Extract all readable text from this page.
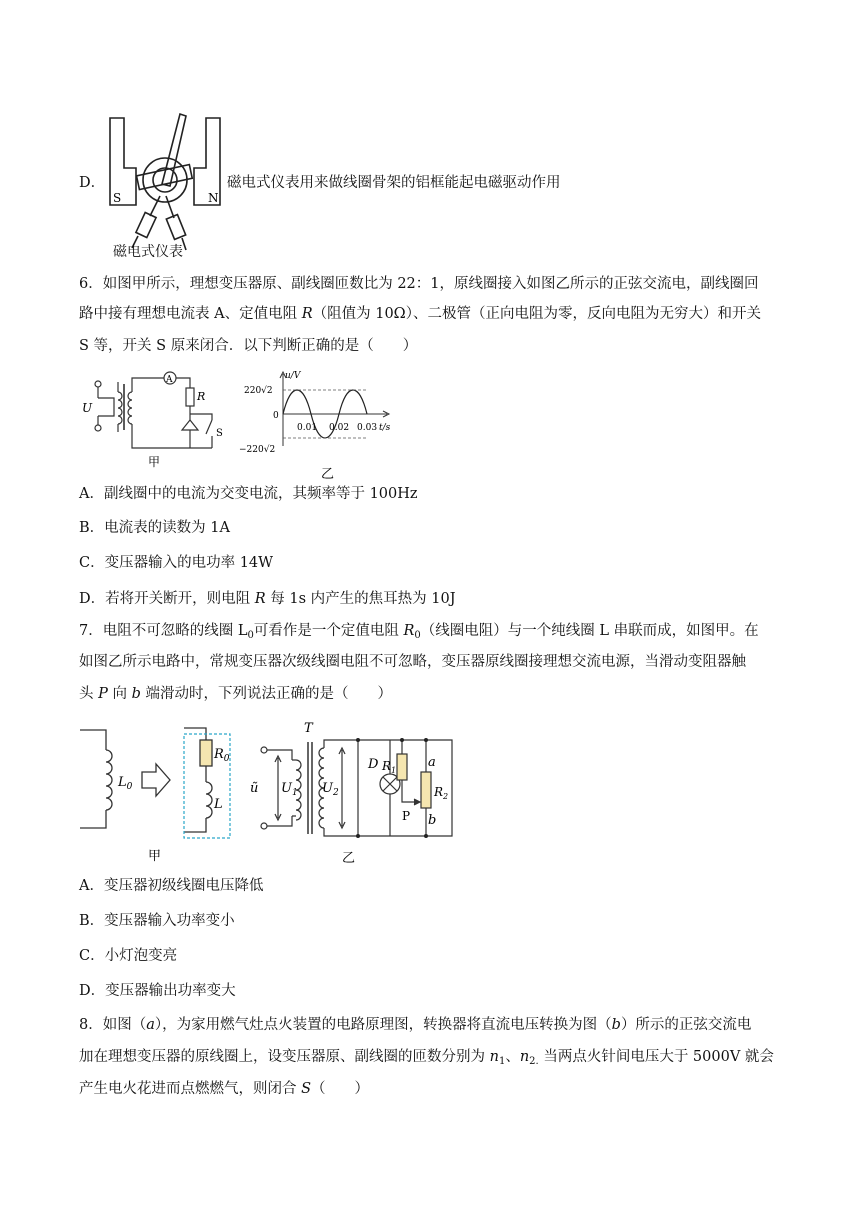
D．
S	N
磁电式仪表用来做线圈骨架的铝框能起电磁驱动作用
磁电式仪表
6．如图甲所示，理想变压器原、副线圈匝数比为 22：1，原线圈接入如图乙所示的正弦交流电，副线圈回
路中接有理想电流表 A、定值电阻 R（阻值为 10Ω）、二极管（正向电阻为零，反向电阻为无穷大）和开关
S 等，开关 S 原来闭合．以下判断正确的是（　　）
U
A
R
S
甲
u/V
220√2
0
−220√2
0.01 0.02 0.03 t/s
乙
A．副线圈中的电流为交变电流，其频率等于 100Hz
B．电流表的读数为 1A
C．变压器输入的电功率 14W
D．若将开关断开，则电阻 R 每 1s 内产生的焦耳热为 10J
7．电阻不可忽略的线圈 $L_0$可看作是一个定值电阻 $R_0$（线圈电阻）与一个纯线圈 L 串联而成，如图甲。在
如图乙所示电路中，常规变压器次级线圈电阻不可忽略，变压器原线圈接理想交流电源，当滑动变阻器触
头 P 向 b 端滑动时，下列说法正确的是（　　）
$L_0$
$R_0$
L
甲
T
ũ $U_1$ $U_2$
D $R_1$
P
a
$R_2$
b
乙
A．变压器初级线圈电压降低
B．变压器输入功率变小
C．小灯泡变亮
D．变压器输出功率变大
8．如图（a），为家用燃气灶点火装置的电路原理图，转换器将直流电压转换为图（b）所示的正弦交流电
加在理想变压器的原线圈上，设变压器原、副线圈的匝数分别为 $n_1$、$n_{2.}$ 当两点火针间电压大于 5000V 就会
产生电火花进而点燃燃气，则闭合 S（　　）
